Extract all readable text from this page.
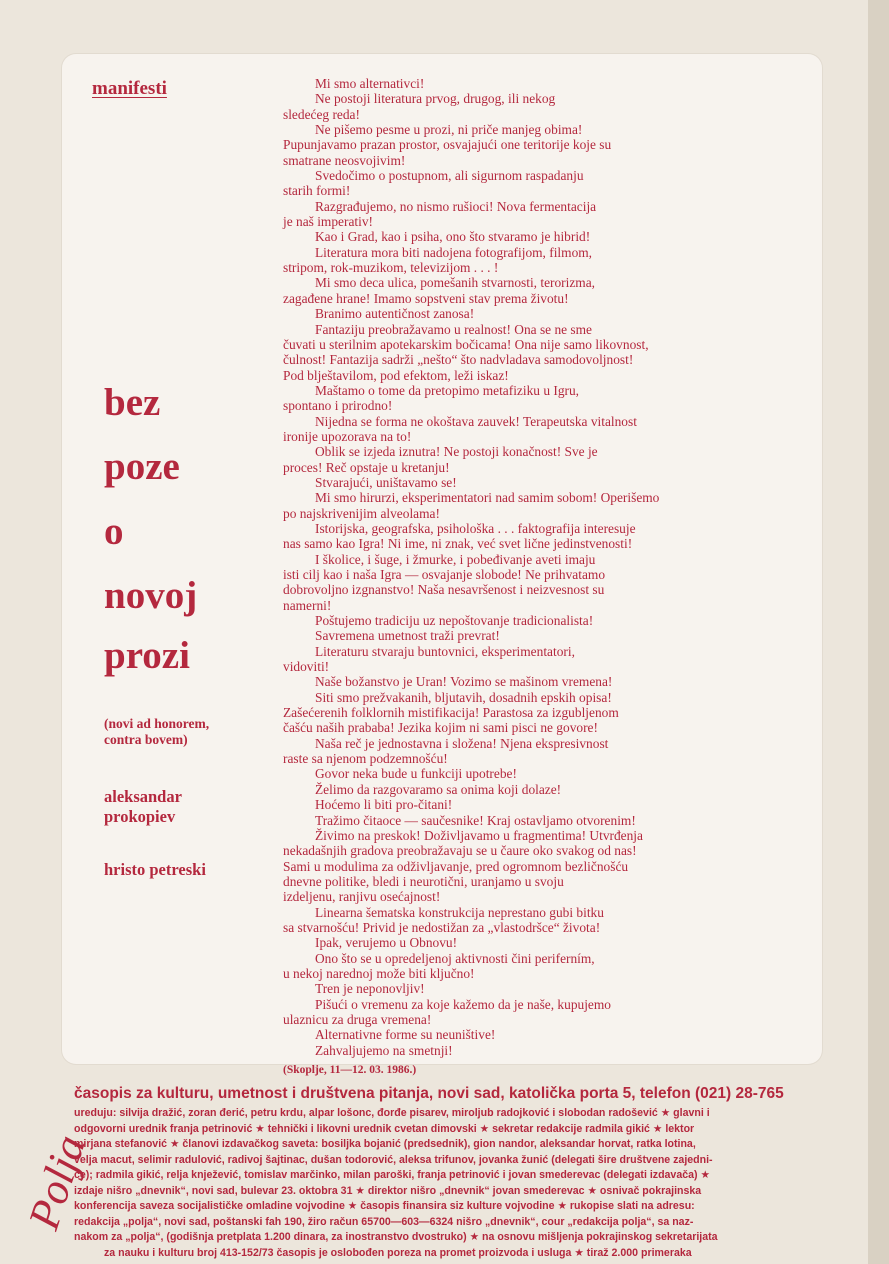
manifesti
bez
poze
o
novoj
prozi
(novi ad honorem,
contra bovem)
aleksandar
prokopiev
hristo petreski

Mi smo alternativci!

Ne postoji literatura prvog, drugog, ili nekog

sledećeg reda!

Ne pišemo pesme u prozi, ni priče manjeg obima!

Pupunjavamo prazan prostor, osvajajući one teritorije koje su

smatrane neosvojivim!

Svedočimo o postupnom, ali sigurnom raspadanju

starih formi!

Razgrađujemo, no nismo rušioci! Nova fermentacija

je naš imperativ!

Kao i Grad, kao i psiha, ono što stvaramo je hibrid!

Literatura mora biti nadojena fotografijom, filmom,

stripom, rok-muzikom, televizijom . . . !

Mi smo deca ulica, pomešanih stvarnosti, terorizma,

zagađene hrane! Imamo sopstveni stav prema životu!

Branimo autentičnost zanosa!

Fantaziju preobražavamo u realnost! Ona se ne sme

čuvati u sterilnim apotekarskim bočicama! Ona nije samo likovnost,

čulnost! Fantazija sadrži „nešto“ što nadvladava samodovoljnost!

Pod blještavilom, pod efektom, leži iskaz!

Maštamo o tome da pretopimo metafiziku u Igru,

spontano i prirodno!

Nijedna se forma ne okoštava zauvek! Terapeutska vitalnost

ironije upozorava na to!

Oblik se izjeda iznutra! Ne postoji konačnost! Sve je

proces! Reč opstaje u kretanju!

Stvarajući, uništavamo se!

Mi smo hirurzi, eksperimentatori nad samim sobom! Operišemo

po najskrivenijim alveolama!

Istorijska, geografska, psihološka . . . faktografija interesuje

nas samo kao Igra! Ni ime, ni znak, već svet lične jedinstvenosti!

I školice, i šuge, i žmurke, i pobeđivanje aveti imaju

isti cilj kao i naša Igra — osvajanje slobode! Ne prihvatamo

dobrovoljno izgnanstvo! Naša nesavršenost i neizvesnost su

namerni!

Poštujemo tradiciju uz nepoštovanje tradicionalista!

Savremena umetnost traži prevrat!

Literaturu stvaraju buntovnici, eksperimentatori,

vidoviti!

Naše božanstvo je Uran! Vozimo se mašinom vremena!

Siti smo prežvakanih, bljutavih, dosadnih epskih opisa!

Zašećerenih folklornih mistifikacija! Parastosa za izgubljenom

čašću naših prababa! Jezika kojim ni sami pisci ne govore!

Naša reč je jednostavna i složena! Njena ekspresivnost

raste sa njenom podzemnošću!

Govor neka bude u funkciji upotrebe!

Želimo da razgovaramo sa onima koji dolaze!

Hoćemo li biti pro-čitani!

Tražimo čitaoce — saučesnike! Kraj ostavljamo otvorenim!

Živimo na preskok! Doživljavamo u fragmentima! Utvrđenja

nekadašnjih gradova preobražavaju se u čaure oko svakog od nas!

Sami u modulima za odživljavanje, pred ogromnom bezličnošću

dnevne politike, bledi i neurotični, uranjamo u svoju

izdeljenu, ranjivu osećajnost!

Linearna šematska konstrukcija neprestano gubi bitku

sa stvarnošću! Privid je nedostižan za „vlastodršce“ života!

Ipak, verujemo u Obnovu!

Ono što se u opredeljenoj aktivnosti čini periferním,

u nekoj narednoj može biti ključno!

Tren je neponovljiv!

Pišući o vremenu za koje kažemo da je naše, kupujemo

ulaznicu za druga vremena!

Alternativne forme su neuništive!

Zahvaljujemo na smetnji!

(Skoplje, 11—12. 03. 1986.)

Polja
časopis za kulturu, umetnost i društvena pitanja, novi sad, katolička porta 5, telefon (021) 28-765

ureduju: silvija dražić, zoran đerić, petru krdu, alpar lošonc, đorđe pisarev, miroljub radojković i slobodan radošević ★ glavni i

odgovorni urednik franja petrinović ★ tehnički i likovni urednik cvetan dimovski ★ sekretar redakcije radmila gikić ★ lektor

mirjana stefanović ★ članovi izdavačkog saveta: bosiljka bojanić (predsednik), gion nandor, aleksandar horvat, ratka lotina,

velja macut, selimir radulović, radivoj šajtinac, dušan todorović, aleksa trifunov, jovanka žunić (delegati šire društvene zajedni-

ce); radmila gikić, relja knježević, tomislav marčinko, milan paroški, franja petrinović i jovan smederevac (delegati izdavača) ★

izdaje nišro „dnevnik“, novi sad, bulevar 23. oktobra 31 ★ direktor nišro „dnevnik“ jovan smederevac ★ osnivač pokrajinska

konferencija saveza socijalističke omladine vojvodine ★ časopis finansira siz kulture vojvodine ★ rukopise slati na adresu:

redakcija „polja“, novi sad, poštanski fah 190, žiro račun 65700—603—6324 nišro „dnevnik“, cour „redakcija polja“, sa naz-

nakom za „polja“, (godišnja pretplata 1.200 dinara, za inostranstvo dvostruko) ★ na osnovu mišljenja pokrajinskog sekretarijata

za nauku i kulturu broj 413-152/73 časopis je oslobođen poreza na promet proizvoda i usluga ★ tiraž 2.000 primeraka
